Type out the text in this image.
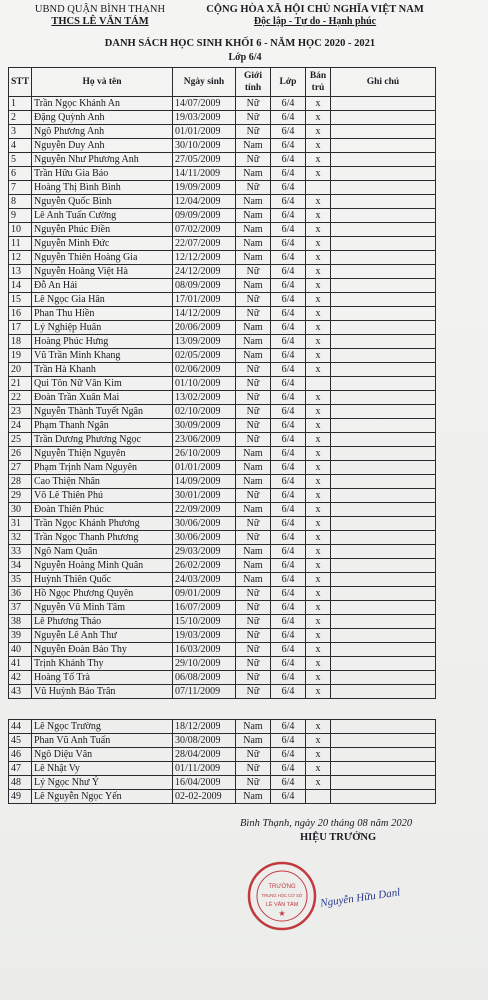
UBND QUẬN BÌNH THẠNH
THCS LÊ VĂN TÁM
CỘNG HÒA XÃ HỘI CHỦ NGHĨA VIỆT NAM
Độc lập - Tự do - Hạnh phúc
DANH SÁCH HỌC SINH KHỐI 6 - NĂM HỌC 2020 - 2021
Lớp 6/4
STT	Họ và tên	Ngày sinh	Giới tính	Lớp	Bán trú	Ghi chú
1	Trần Ngọc Khánh An	14/07/2009	Nữ	6/4	x	
2	Đặng Quỳnh Anh	19/03/2009	Nữ	6/4	x	
3	Ngô Phương Anh	01/01/2009	Nữ	6/4	x	
4	Nguyễn Duy Anh	30/10/2009	Nam	6/4	x	
5	Nguyễn Như Phương Anh	27/05/2009	Nữ	6/4	x	
6	Trần Hữu Gia Bảo	14/11/2009	Nam	6/4	x	
7	Hoàng Thị Bình Bình	19/09/2009	Nữ	6/4		
8	Nguyễn Quốc Bình	12/04/2009	Nam	6/4	x	
9	Lê Anh Tuấn Cường	09/09/2009	Nam	6/4	x	
10	Nguyễn Phúc Điền	07/02/2009	Nam	6/4	x	
11	Nguyễn Minh Đức	22/07/2009	Nam	6/4	x	
12	Nguyễn Thiên Hoàng Gia	12/12/2009	Nam	6/4	x	
13	Nguyễn Hoàng Việt Hà	24/12/2009	Nữ	6/4	x	
14	Đỗ An Hải	08/09/2009	Nam	6/4	x	
15	Lê Ngọc Gia Hân	17/01/2009	Nữ	6/4	x	
16	Phan Thu Hiền	14/12/2009	Nữ	6/4	x	
17	Lý Nghiệp Huân	20/06/2009	Nam	6/4	x	
18	Hoàng Phúc Hưng	13/09/2009	Nam	6/4	x	
19	Vũ Trần Minh Khang	02/05/2009	Nam	6/4	x	
20	Trần Hà Khanh	02/06/2009	Nữ	6/4	x	
21	Qui Tôn Nữ Vân Kim	01/10/2009	Nữ	6/4		
22	Đoàn Trần Xuân Mai	13/02/2009	Nữ	6/4	x	
23	Nguyễn Thành Tuyết Ngân	02/10/2009	Nữ	6/4	x	
24	Phạm Thanh Ngân	30/09/2009	Nữ	6/4	x	
25	Trần Dương Phương Ngọc	23/06/2009	Nữ	6/4	x	
26	Nguyễn Thiện Nguyên	26/10/2009	Nam	6/4	x	
27	Phạm Trịnh Nam Nguyên	01/01/2009	Nam	6/4	x	
28	Cao Thiện Nhân	14/09/2009	Nam	6/4	x	
29	Võ Lê Thiên Phú	30/01/2009	Nữ	6/4	x	
30	Đoàn Thiên Phúc	22/09/2009	Nam	6/4	x	
31	Trần Ngọc Khánh Phương	30/06/2009	Nữ	6/4	x	
32	Trần Ngọc Thanh Phương	30/06/2009	Nữ	6/4	x	
33	Ngô Nam Quân	29/03/2009	Nam	6/4	x	
34	Nguyễn Hoàng Minh Quân	26/02/2009	Nam	6/4	x	
35	Huỳnh Thiên Quốc	24/03/2009	Nam	6/4	x	
36	Hồ Ngọc Phương Quyên	09/01/2009	Nữ	6/4	x	
37	Nguyễn Vũ Minh Tâm	16/07/2009	Nữ	6/4	x	
38	Lê Phương Thảo	15/10/2009	Nữ	6/4	x	
39	Nguyễn Lê Anh Thư	19/03/2009	Nữ	6/4	x	
40	Nguyễn Đoàn Bảo Thy	16/03/2009	Nữ	6/4	x	
41	Trịnh Khánh Thy	29/10/2009	Nữ	6/4	x	
42	Hoàng Tố Trà	06/08/2009	Nữ	6/4	x	
43	Vũ Huỳnh Bảo Trân	07/11/2009	Nữ	6/4	x	
44	Lê Ngọc Trường	18/12/2009	Nam	6/4	x	
45	Phan Vũ Anh Tuấn	30/08/2009	Nam	6/4	x	
46	Ngô Diệu Vân	28/04/2009	Nữ	6/4	x	
47	Lê Nhật Vy	01/11/2009	Nữ	6/4	x	
48	Lý Ngọc Như Ý	16/04/2009	Nữ	6/4	x	
49	Lê Nguyễn Ngọc Yến	02-02-2009	Nam	6/4		
Bình Thạnh, ngày 20 tháng 08 năm 2020
HIỆU TRƯỞNG
TRƯỜNG
TRUNG HỌC CƠ SỞ
LÊ VĂN TÁM
★
Nguyễn Hữu Danl
